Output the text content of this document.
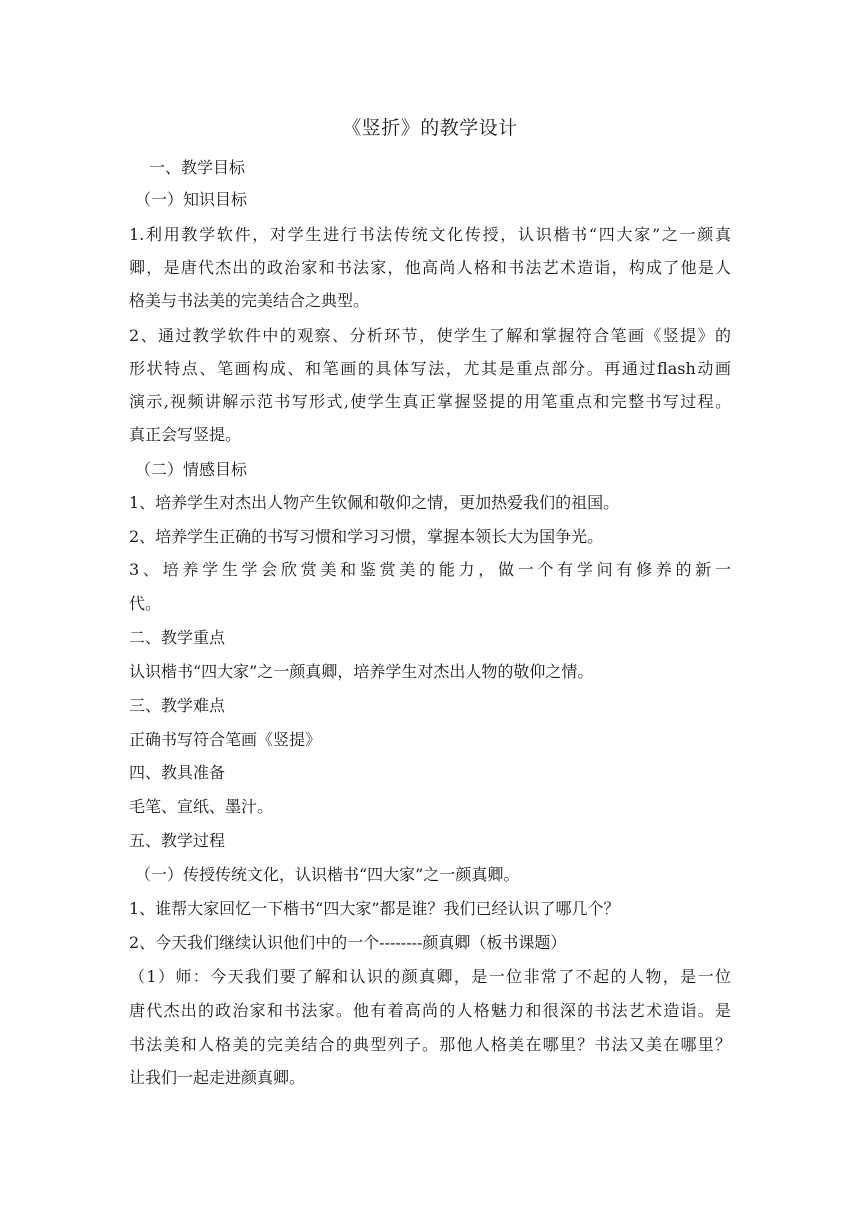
《竖折》的教学设计
一、教学目标
（一）知识目标
1.利用教学软件，对学生进行书法传统文化传授，认识楷书“四大家”之一颜真
卿，是唐代杰出的政治家和书法家，他高尚人格和书法艺术造诣，构成了他是人
格美与书法美的完美结合之典型。
2、通过教学软件中的观察、分析环节，使学生了解和掌握符合笔画《竖提》的
形状特点、笔画构成、和笔画的具体写法，尤其是重点部分。再通过flash动画
演示,视频讲解示范书写形式,使学生真正掌握竖提的用笔重点和完整书写过程。
真正会写竖提。
（二）情感目标
1、培养学生对杰出人物产生钦佩和敬仰之情，更加热爱我们的祖国。
2、培养学生正确的书写习惯和学习习惯，掌握本领长大为国争光。
3、培养学生学会欣赏美和鉴赏美的能力，做一个有学问有修养的新一
代。
二、教学重点
认识楷书“四大家”之一颜真卿，培养学生对杰出人物的敬仰之情。
三、教学难点
正确书写符合笔画《竖提》
四、教具准备
毛笔、宣纸、墨汁。
五、教学过程
（一）传授传统文化，认识楷书“四大家”之一颜真卿。
1、谁帮大家回忆一下楷书“四大家”都是谁？我们已经认识了哪几个？
2、今天我们继续认识他们中的一个--------颜真卿（板书课题）
（1）师：今天我们要了解和认识的颜真卿，是一位非常了不起的人物，是一位
唐代杰出的政治家和书法家。他有着高尚的人格魅力和很深的书法艺术造诣。是
书法美和人格美的完美结合的典型列子。那他人格美在哪里？书法又美在哪里？
让我们一起走进颜真卿。
